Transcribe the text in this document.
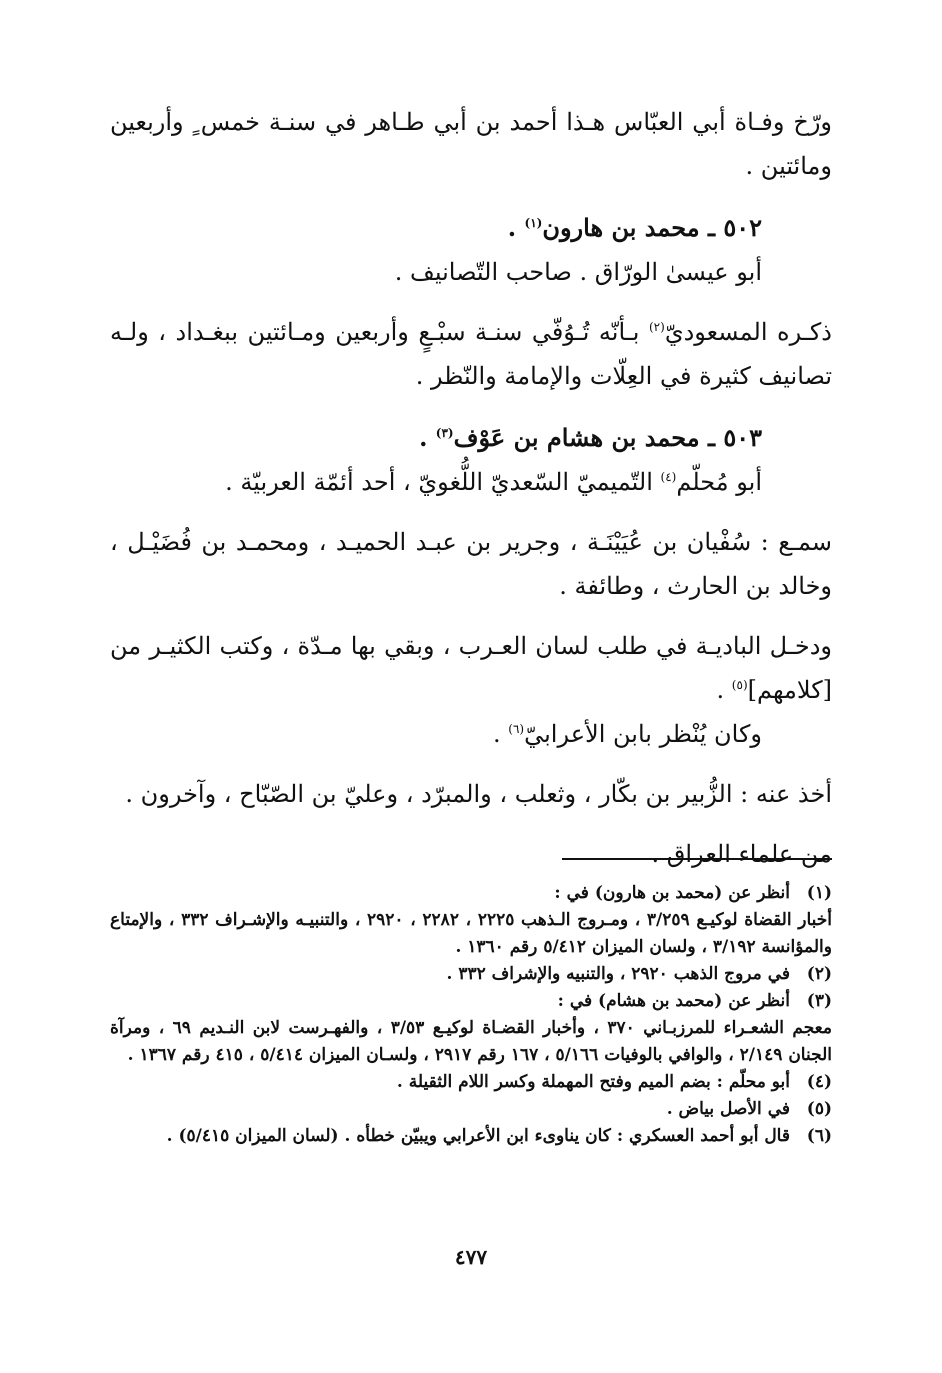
ورّخ وفـاة أبي العبّاس هـذا أحمد بن أبي طـاهر في سنـة خمس ٍ وأربعين ومائتين .

٥٠٢ ـ محمد بن هارون$^{(١)}$ .

أبو عيسىٰ الورّاق . صاحب التّصانيف .

ذكـره المسعوديّ$^{(٢)}$ بـأنّه تُـوُفّي سنـة سبْـعٍ وأربعين ومـائتين ببغـداد ، ولـه تصانيف كثيرة في العِلّات والإمامة والنّظر .

٥٠٣ ـ محمد بن هشام بن عَوْف$^{(٣)}$ .

أبو مُحلّم$^{(٤)}$ التّميميّ السّعديّ اللُّغويّ ، أحد أئمّة العربيّة .

سمـع : سُفْيان بن عُيَيْنَـة ، وجرير بن عبـد الحميـد ، ومحمـد بن فُضَيْـل ، وخالد بن الحارث ، وطائفة .

ودخـل الباديـة في طلب لسان العـرب ، وبقي بها مـدّة ، وكتب الكثيـر من [كلامهم]$^{(٥)}$ .

وكان يُنْظر بابن الأعرابيّ$^{(٦)}$ .

أخذ عنه : الزُّبير بن بكّار ، وثعلب ، والمبرّد ، وعليّ بن الصّبّاح ، وآخرون .

من علماء العراق .

(١)

أنظر عن (محمد بن هارون) في :

أخبار القضاة لوكيـع ٣/٢٥٩ ، ومـروج الـذهب ٢٢٢٥ ، ٢٢٨٢ ، ٢٩٢٠ ، والتنبيـه والإشـراف ٣٣٢ ، والإمتاع والمؤانسة ٣/١٩٢ ، ولسان الميزان ٥/٤١٢ رقم ١٣٦٠ .

(٢)

في مروج الذهب ٢٩٢٠ ، والتنبيه والإشراف ٣٣٢ .

(٣)

أنظر عن (محمد بن هشام) في :

معجم الشعـراء للمرزبـاني ٣٧٠ ، وأخبار القضـاة لوكيـع ٣/٥٣ ، والفهـرست لابن النـديم ٦٩ ، ومرآة الجنان ٢/١٤٩ ، والوافي بالوفيات ٥/١٦٦ ، ١٦٧ رقم ٢٩١٧ ، ولسـان الميزان ٥/٤١٤ ، ٤١٥ رقم ١٣٦٧ .

(٤)

أبو محلّم : بضم الميم وفتح المهملة وكسر اللام الثقيلة .

(٥)

في الأصل بياض .

(٦)

قال أبو أحمد العسكري : كان يناوىء ابن الأعرابي ويبيّن خطأه . (لسان الميزان ٥/٤١٥) .

٤٧٧
